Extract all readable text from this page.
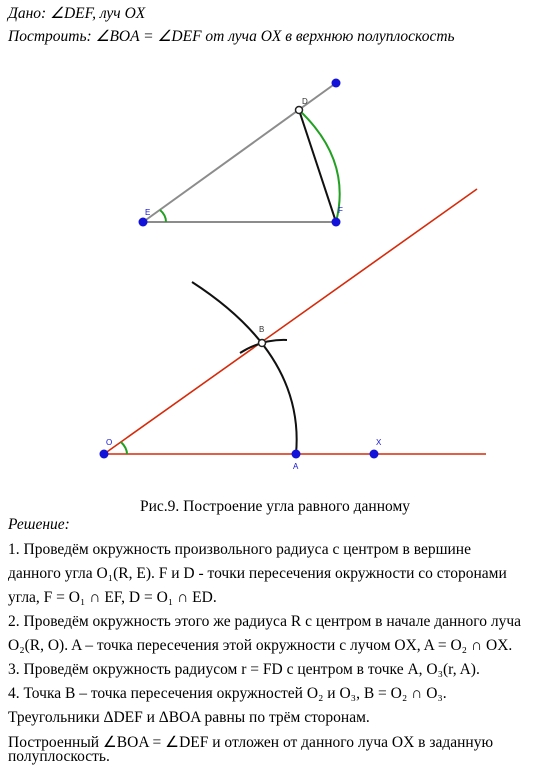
Дано: ∠DEF, луч OX
Построить: ∠BOA = ∠DEF от луча OX в верхнюю полуплоскость
D
E	F
O
A
X
B
Рис.9. Построение угла равного данному
Решение:
1. Проведём окружность произвольного радиуса с центром в вершине
данного угла O₁(R, E). F и D - точки пересечения окружности со сторонами
угла, F = O₁ ∩ EF, D = O₁ ∩ ED.
2. Проведём окружность этого же радиуса R с центром в начале данного луча
O₂(R, O). A – точка пересечения этой окружности с лучом OX, A = O₂ ∩ OX.
3. Проведём окружность радиусом r = FD с центром в точке A, O₃(r, A).
4. Точка B – точка пересечения окружностей O₂ и O₃, B = O₂ ∩ O₃.
Треугольники ΔDEF и ΔBOA равны по трём сторонам.
Построенный ∠BOA = ∠DEF и отложен от данного луча OX в заданную
полуплоскость.
